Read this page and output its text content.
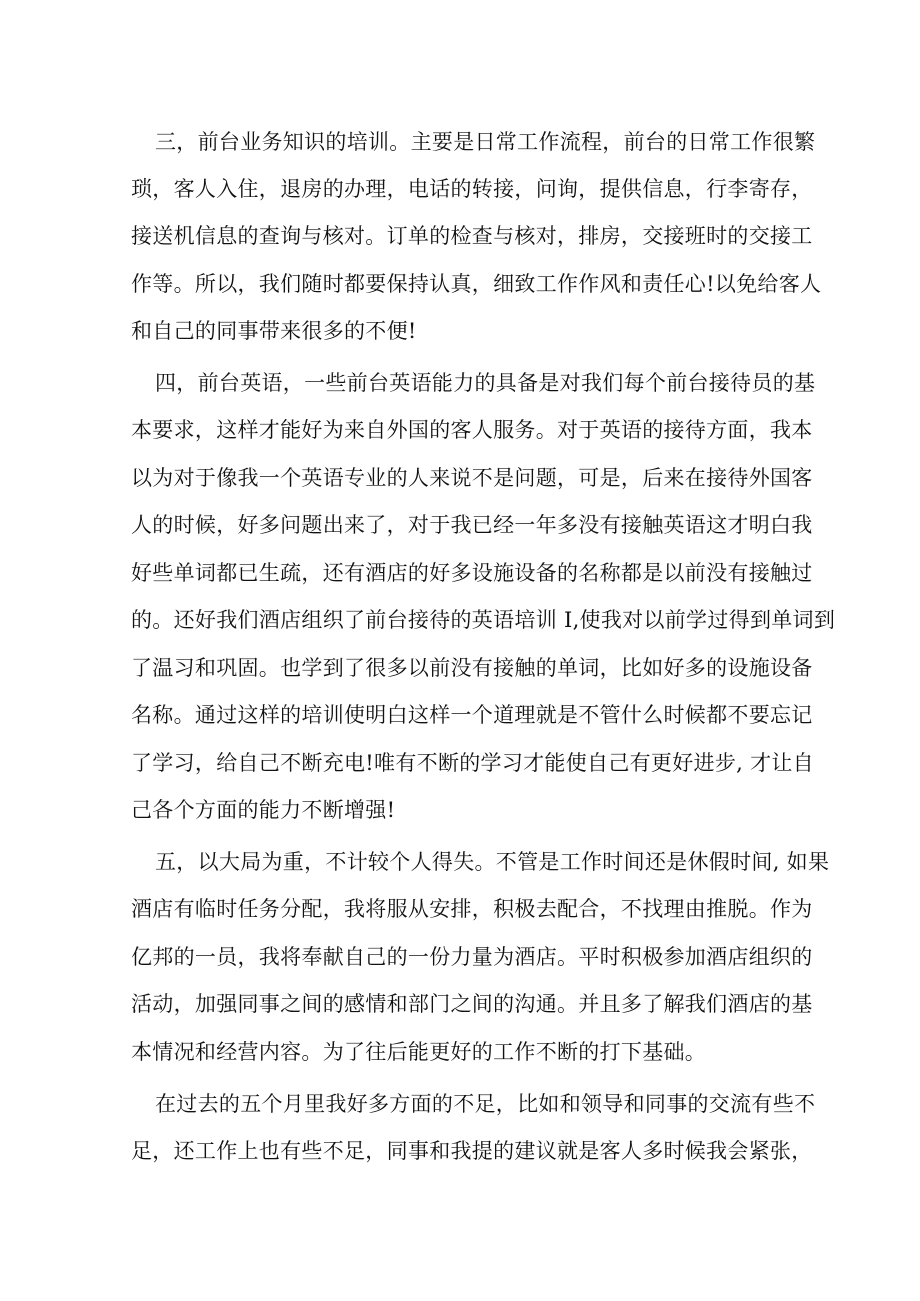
三，前台业务知识的培训。主要是日常工作流程，前台的日常工作很繁
琐，客人入住，退房的办理，电话的转接，问询，提供信息，行李寄存，
接送机信息的查询与核对。订单的检查与核对，排房，交接班时的交接工
作等。所以，我们随时都要保持认真，细致工作作风和责任心!以免给客人
和自己的同事带来很多的不便!
四，前台英语，一些前台英语能力的具备是对我们每个前台接待员的基
本要求，这样才能好为来自外国的客人服务。对于英语的接待方面，我本
以为对于像我一个英语专业的人来说不是问题，可是，后来在接待外国客
人的时候，好多问题出来了，对于我已经一年多没有接触英语这才明白我
好些单词都已生疏，还有酒店的好多设施设备的名称都是以前没有接触过
的。还好我们酒店组织了前台接待的英语培训 I,使我对以前学过得到单词到
了温习和巩固。也学到了很多以前没有接触的单词，比如好多的设施设备
名称。通过这样的培训使明白这样一个道理就是不管什么时候都不要忘记
了学习，给自己不断充电!唯有不断的学习才能使自己有更好进步, 才让自
己各个方面的能力不断增强!
五，以大局为重，不计较个人得失。不管是工作时间还是休假时间, 如果
酒店有临时任务分配，我将服从安排，积极去配合，不找理由推脱。作为
亿邦的一员，我将奉献自己的一份力量为酒店。平时积极参加酒店组织的
活动，加强同事之间的感情和部门之间的沟通。并且多了解我们酒店的基
本情况和经营内容。为了往后能更好的工作不断的打下基础。
在过去的五个月里我好多方面的不足，比如和领导和同事的交流有些不
足，还工作上也有些不足，同事和我提的建议就是客人多时候我会紧张，
